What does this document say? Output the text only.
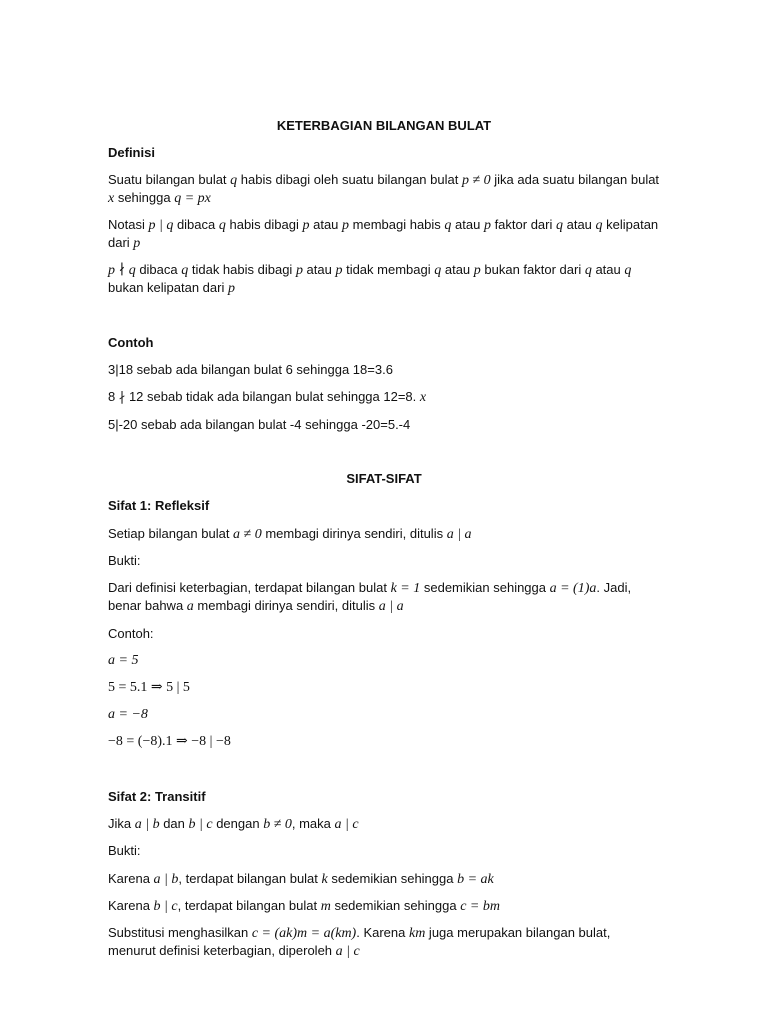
KETERBAGIAN BILANGAN BULAT
Definisi
Suatu bilangan bulat q habis dibagi oleh suatu bilangan bulat p ≠ 0 jika ada suatu bilangan bulat
x sehingga q = px
Notasi p | q dibaca q habis dibagi p atau p membagi habis q atau p faktor dari q atau q kelipatan
dari p
p ∤ q dibaca q tidak habis dibagi p atau p tidak membagi q atau p bukan faktor dari q atau q
bukan kelipatan dari p
Contoh
3|18 sebab ada bilangan bulat 6 sehingga 18=3.6
8 ∤ 12 sebab tidak ada bilangan bulat sehingga 12=8. x
5|-20 sebab ada bilangan bulat -4 sehingga -20=5.-4
SIFAT-SIFAT
Sifat 1: Refleksif
Setiap bilangan bulat a ≠ 0 membagi dirinya sendiri, ditulis a | a
Bukti:
Dari definisi keterbagian, terdapat bilangan bulat k = 1 sedemikian sehingga a = (1)a. Jadi,
benar bahwa a membagi dirinya sendiri, ditulis a | a
Contoh:
a = 5
5 = 5.1 ⇒ 5 | 5
a = −8
−8 = (−8).1 ⇒ −8 | −8
Sifat 2: Transitif
Jika a | b dan b | c dengan b ≠ 0, maka a | c
Bukti:
Karena a | b, terdapat bilangan bulat k sedemikian sehingga b = ak
Karena b | c, terdapat bilangan bulat m sedemikian sehingga c = bm
Substitusi menghasilkan c = (ak)m = a(km). Karena km juga merupakan bilangan bulat,
menurut definisi keterbagian, diperoleh a | c
